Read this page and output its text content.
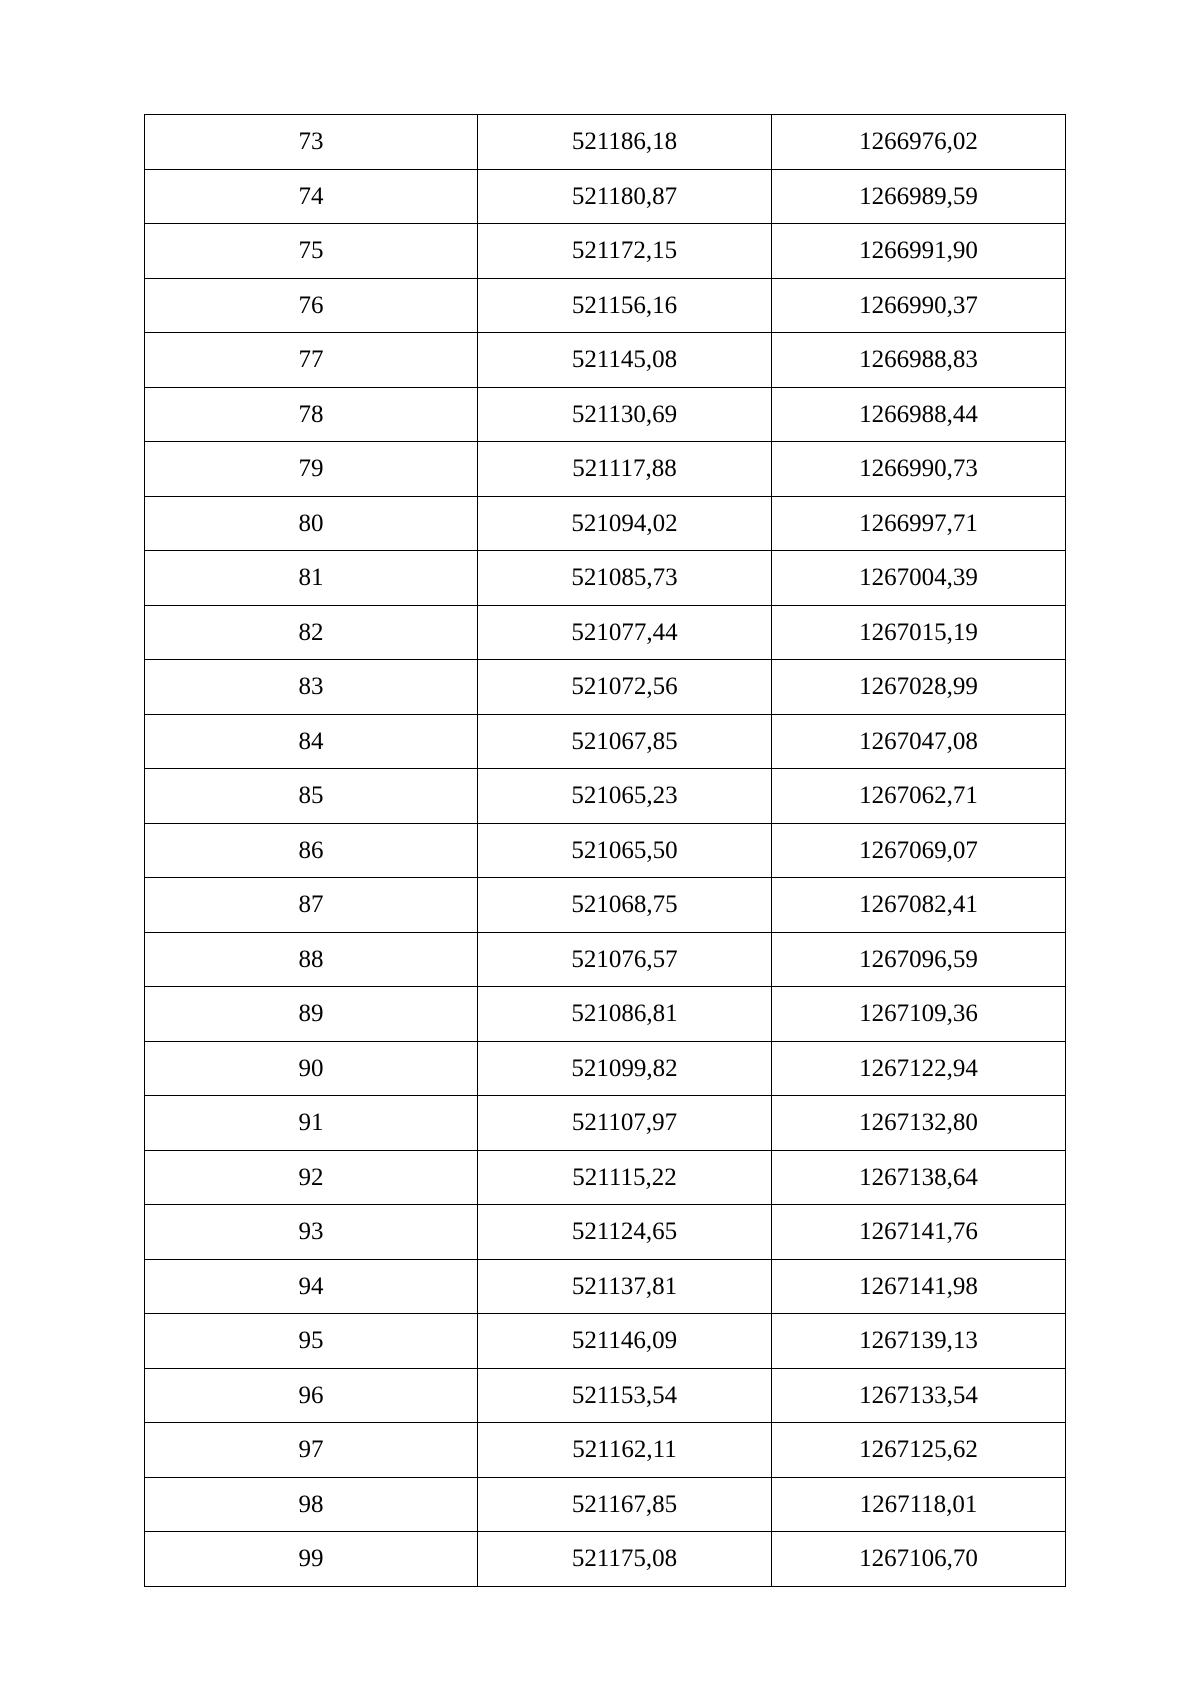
73	521186,18	1266976,02
74	521180,87	1266989,59
75	521172,15	1266991,90
76	521156,16	1266990,37
77	521145,08	1266988,83
78	521130,69	1266988,44
79	521117,88	1266990,73
80	521094,02	1266997,71
81	521085,73	1267004,39
82	521077,44	1267015,19
83	521072,56	1267028,99
84	521067,85	1267047,08
85	521065,23	1267062,71
86	521065,50	1267069,07
87	521068,75	1267082,41
88	521076,57	1267096,59
89	521086,81	1267109,36
90	521099,82	1267122,94
91	521107,97	1267132,80
92	521115,22	1267138,64
93	521124,65	1267141,76
94	521137,81	1267141,98
95	521146,09	1267139,13
96	521153,54	1267133,54
97	521162,11	1267125,62
98	521167,85	1267118,01
99	521175,08	1267106,70
